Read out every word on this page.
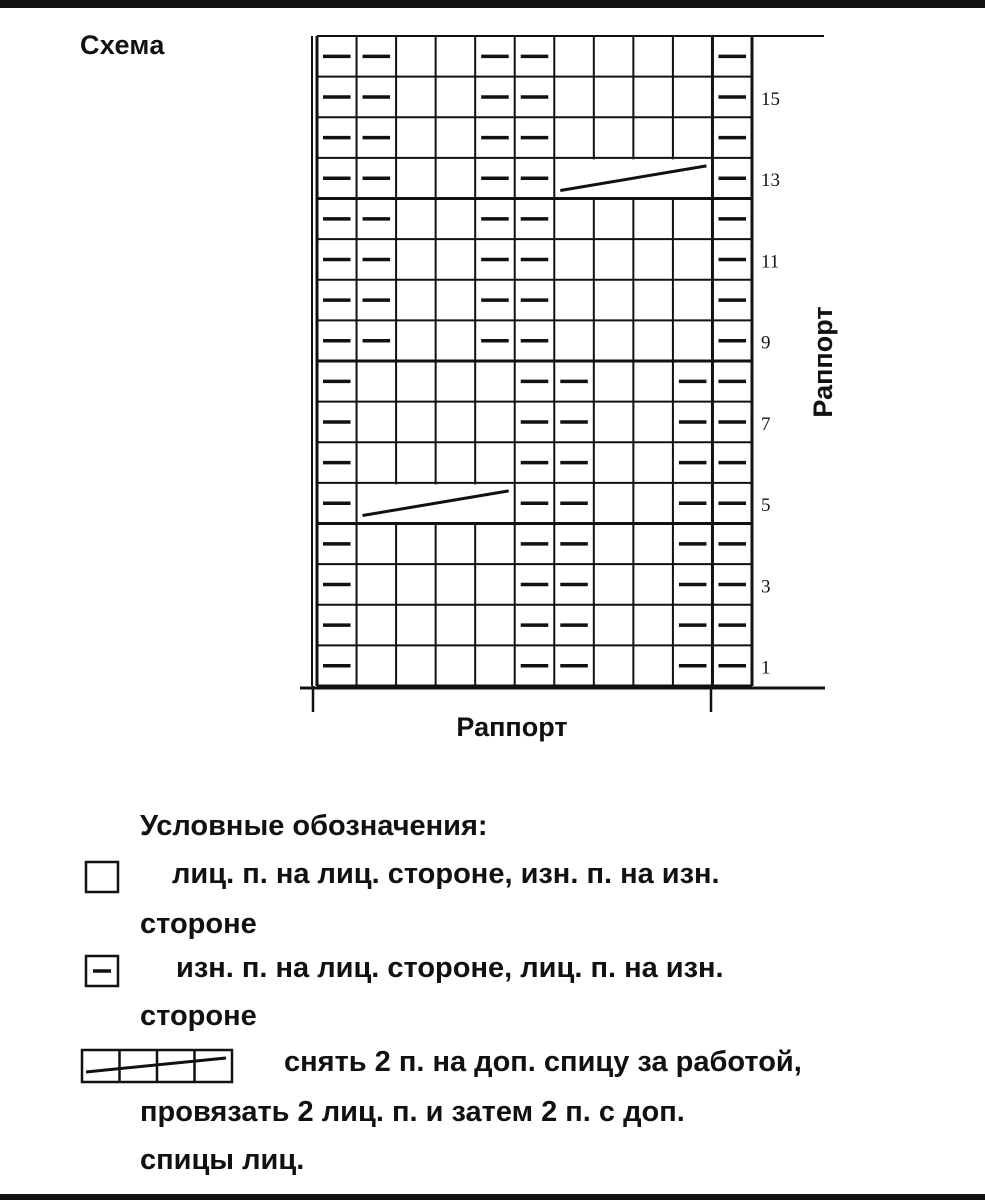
Схема
1
3
5
7
9
11
13
15
Раппорт
Раппорт
Условные обозначения:
лиц. п. на лиц. стороне, изн. п. на изн.
стороне
изн. п. на лиц. стороне, лиц. п. на изн.
стороне
снять 2 п. на доп. спицу за работой,
провязать 2 лиц. п. и затем 2 п. с доп.
спицы лиц.
